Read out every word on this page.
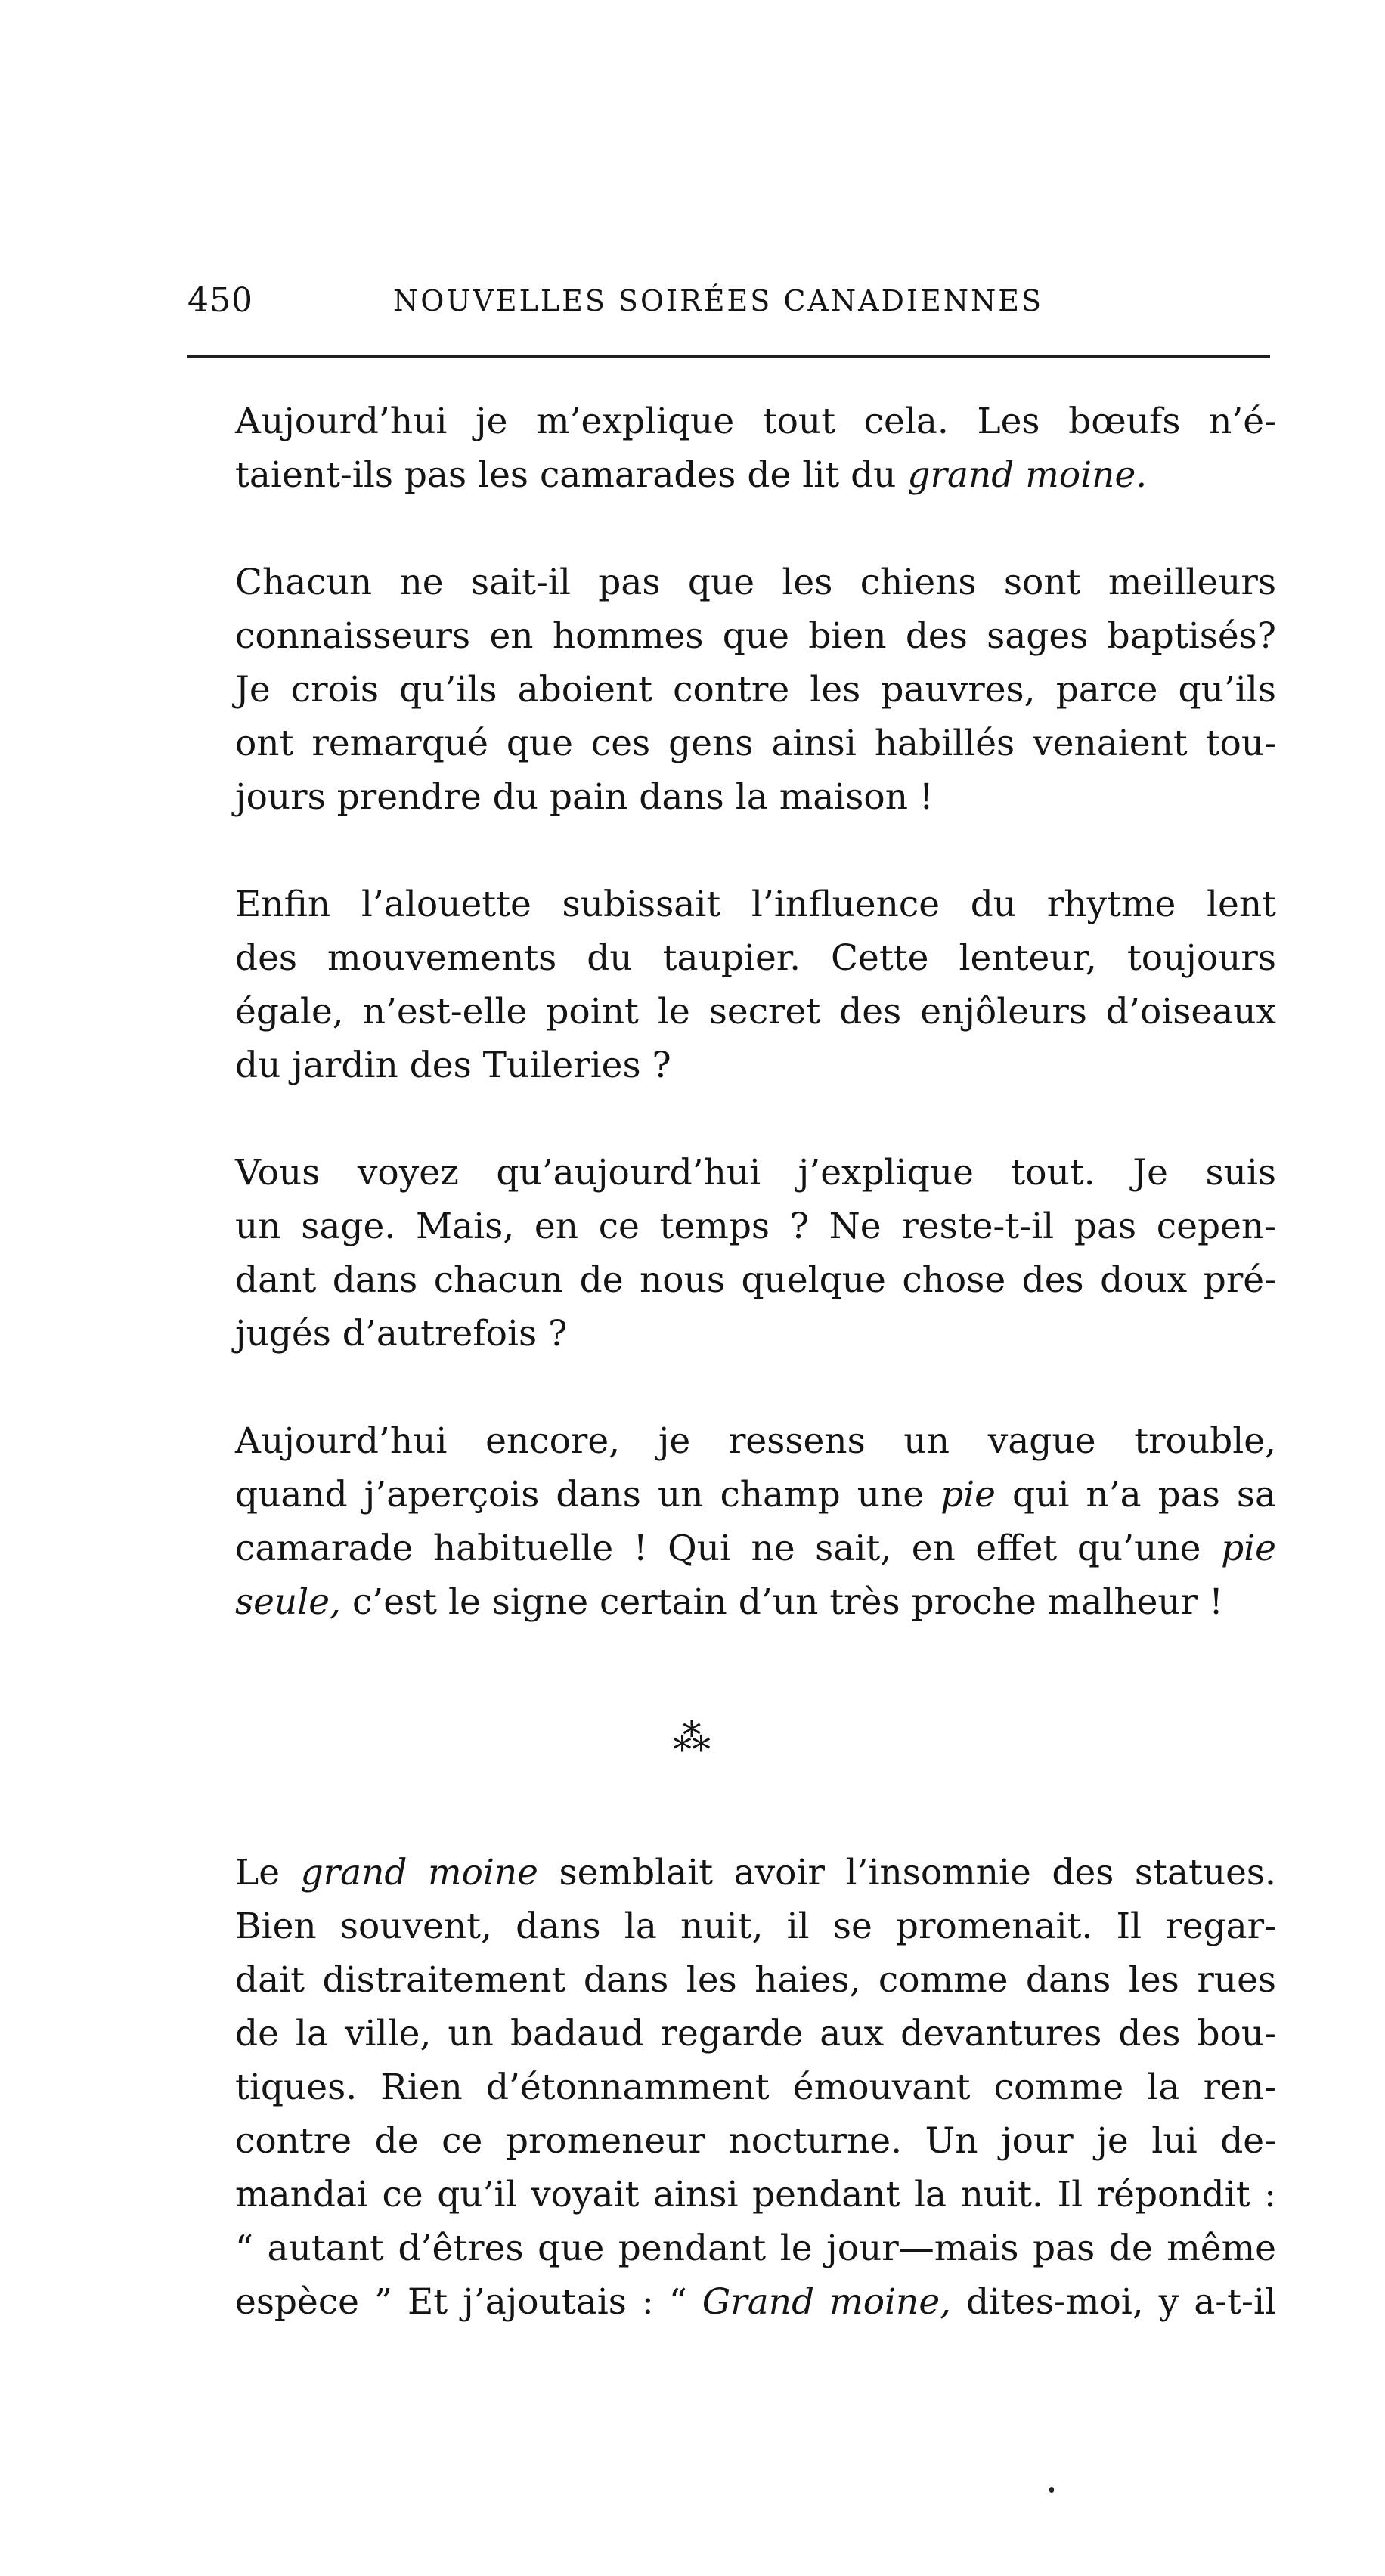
450	NOUVELLES SOIRÉES CANADIENNES
Aujourd’hui je m’explique tout cela. Les bœufs n’é-
taient-ils pas les camarades de lit du grand moine.
Chacun ne sait-il pas que les chiens sont meilleurs
connaisseurs en hommes que bien des sages baptisés?
Je crois qu’ils aboient contre les pauvres, parce qu’ils
ont remarqué que ces gens ainsi habillés venaient tou-
jours prendre du pain dans la maison !
Enfin l’alouette subissait l’influence du rhytme lent
des mouvements du taupier. Cette lenteur, toujours
égale, n’est-elle point le secret des enjôleurs d’oiseaux
du jardin des Tuileries ?
Vous voyez qu’aujourd’hui j’explique tout. Je suis
un sage. Mais, en ce temps ? Ne reste-t-il pas cepen-
dant dans chacun de nous quelque chose des doux pré-
jugés d’autrefois ?
Aujourd’hui encore, je ressens un vague trouble,
quand j’aperçois dans un champ une pie qui n’a pas sa
camarade habituelle ! Qui ne sait, en effet qu’une pie
seule, c’est le signe certain d’un très proche malheur !
⁂
Le grand moine semblait avoir l’insomnie des statues.
Bien souvent, dans la nuit, il se promenait. Il regar-
dait distraitement dans les haies, comme dans les rues
de la ville, un badaud regarde aux devantures des bou-
tiques. Rien d’étonnamment émouvant comme la ren-
contre de ce promeneur nocturne. Un jour je lui de-
mandai ce qu’il voyait ainsi pendant la nuit. Il répondit :
“ autant d’êtres que pendant le jour—mais pas de même
espèce ” Et j’ajoutais : “ Grand moine, dites-moi, y a-t-il
